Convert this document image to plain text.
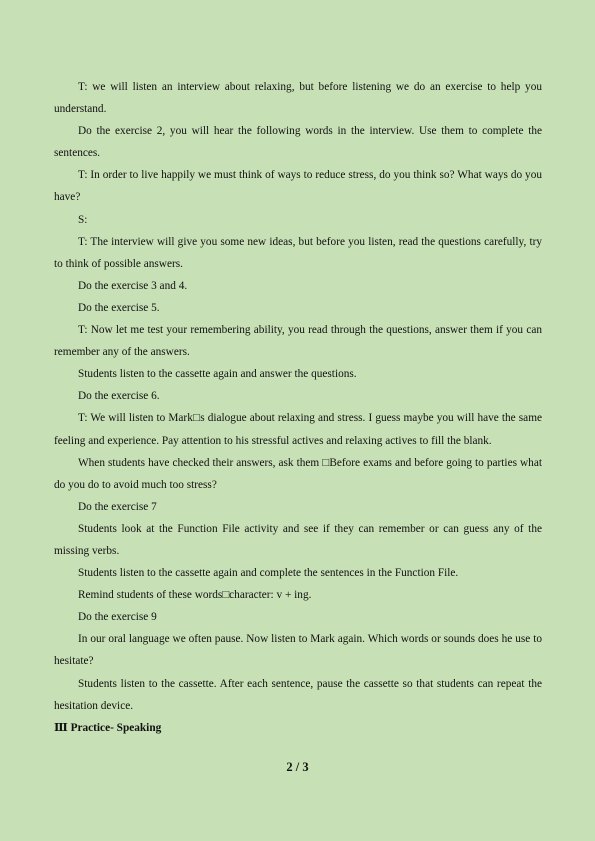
T: we will listen an interview about relaxing, but before listening we do an exercise to help you understand.

Do the exercise 2, you will hear the following words in the interview. Use them to complete the sentences.

T: In order to live happily we must think of ways to reduce stress, do you think so? What ways do you have?

S:

T: The interview will give you some new ideas, but before you listen, read the questions carefully, try to think of possible answers.

Do the exercise 3 and 4.

Do the exercise 5.

T: Now let me test your remembering ability, you read through the questions, answer them if you can remember any of the answers.

Students listen to the cassette again and answer the questions.

Do the exercise 6.

T: We will listen to Mark□s dialogue about relaxing and stress. I guess maybe you will have the same feeling and experience. Pay attention to his stressful actives and relaxing actives to fill the blank.

When students have checked their answers, ask them □Before exams and before going to parties what do you do to avoid much too stress?

Do the exercise 7

Students look at the Function File activity and see if they can remember or can guess any of the missing verbs.

Students listen to the cassette again and complete the sentences in the Function File.

Remind students of these words□character: v + ing.

Do the exercise 9

In our oral language we often pause. Now listen to Mark again. Which words or sounds does he use to hesitate?

Students listen to the cassette. After each sentence, pause the cassette so that students can repeat the hesitation device.

Ⅲ Practice- Speaking

2 / 3
